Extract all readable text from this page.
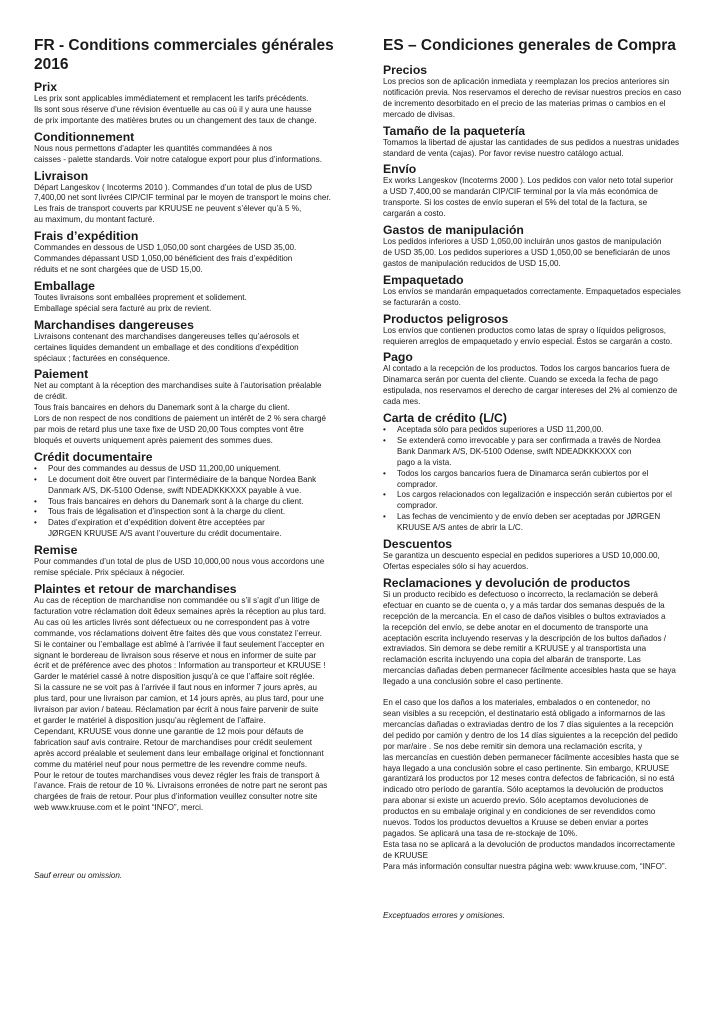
FR - Conditions commerciales générales
2016
Prix

Les prix sont applicables immédiatement et remplacent les tarifs précédents.
Ils sont sous réserve d’une révision éventuelle au cas où il y aura une hausse
de prix importante des matières brutes ou un changement des taux de change.

Conditionnement

Nous nous permettons d’adapter les quantités commandées à nos
caisses - palette standards. Voir notre catalogue export pour plus d’informations.

Livraison

Départ Langeskov ( Incoterms 2010 ). Commandes d’un total de plus de USD
7,400,00 net sont livrées CIP/CIF terminal par le moyen de transport le moins cher.
Les frais de transport couverts par KRUUSE ne peuvent s’élever qu’à 5 %,
au maximum, du montant facturé.

Frais d’expédition

Commandes en dessous de USD 1,050,00 sont chargées de USD 35,00.
Commandes dépassant USD 1,050,00 bénéficient des frais d’expédition
réduits et ne sont chargées que de USD 15,00.

Emballage

Toutes livraisons sont emballées proprement et solidement.
Emballage spécial sera facturé au prix de revient.

Marchandises dangereuses

Livraisons contenant des marchandises dangereuses telles qu’aérosols et
certaines liquides demandent un emballage et des conditions d’expédition
spéciaux ; facturées en conséquence.

Paiement

Net au comptant à la réception des marchandises suite à l’autorisation préalable
de crédit.
Tous frais bancaires en dehors du Danemark sont à la charge du client.
Lors de non respect de nos conditions de paiement un intérêt de 2 % sera chargé
par mois de retard plus une taxe fixe de USD 20,00 Tous comptes vont être
bloqués et ouverts uniquement après paiement des sommes dues.

Crédit documentaire
• Pour des commandes au dessus de USD 11,200,00 uniquement.
• Le document doit être ouvert par l’intermédiaire de la banque Nordea Bank
Danmark A/S, DK-5100 Odense, swift NDEADKKKXXX payable à vue.
• Tous frais bancaires en dehors du Danemark sont à la charge du client.
• Tous frais de légalisation et d’inspection sont à la charge du client.
• Dates d’expiration et d’expédition doivent être acceptées par
JØRGEN KRUUSE A/S avant l’ouverture du crédit documentaire.
Remise

Pour commandes d’un total de plus de USD 10,000,00 nous vous accordons une
remise spéciale. Prix spéciaux à négocier.

Plaintes et retour de marchandises

Au cas de réception de marchandise non commandée ou s’il s’agit d’un litige de
facturation votre réclamation doit êdeux semaines après la réception au plus tard.
Au cas où les articles livrés sont défectueux ou ne correspondent pas à votre
commande, vos réclamations doivent être faites dès que vous constatez l’erreur.
Si le container ou l’emballage est abîmé à l’arrivée il faut seulement l’accepter en
signant le bordereau de livraison sous réserve et nous en informer de suite par
écrit et de préférence avec des photos : Information au transporteur et KRUUSE !
Garder le matériel cassé à notre disposition jusqu’à ce que l’affaire soit réglée.
Si la cassure ne se voit pas à l’arrivée il faut nous en informer 7 jours après, au
plus tard, pour une livraison par camion, et 14 jours après, au plus tard, pour une
livraison par avion / bateau. Réclamation par écrit à nous faire parvenir de suite
et garder le matériel à disposition jusqu’au règlement de l’affaire.
Cependant, KRUUSE vous donne une garantie de 12 mois pour défauts de
fabrication sauf avis contraire. Retour de marchandises pour crédit seulement
après accord préalable et seulement dans leur emballage original et fonctionnant
comme du matériel neuf pour nous permettre de les revendre comme neufs.
Pour le retour de toutes marchandises vous devez régler les frais de transport à
l’avance. Frais de retour de 10 %. Livraisons erronées de notre part ne seront pas
chargées de frais de retour. Pour plus d’information veuillez consulter notre site
web www.kruuse.com et le point “INFO”, merci.

Sauf erreur ou omission.
ES – Condiciones generales de Compra
Precios

Los precios son de aplicación inmediata y reemplazan los precios anteriores sin
notificación previa. Nos reservamos el derecho de revisar nuestros precios en caso
de incremento desorbitado en el precio de las materias primas o cambios en el
mercado de divisas.

Tamaño de la paquetería

Tomamos la libertad de ajustar las cantidades de sus pedidos a nuestras unidades
standard de venta (cajas). Por favor revise nuestro catálogo actual.

Envío

Ex works Langeskov (Incoterms 2000 ). Los pedidos con valor neto total superior
a USD 7,400,00 se mandarán CIP/CIF terminal por la vía más económica de
transporte. Si los costes de envío superan el 5% del total de la factura, se
cargarán a costo.

Gastos de manipulación

Los pedidos inferiores a USD 1,050,00 incluirán unos gastos de manipulación
de USD 35,00. Los pedidos superiores a USD 1,050,00 se beneficiarán de unos
gastos de manipulación reducidos de USD 15,00.

Empaquetado

Los envíos se mandarán empaquetados correctamente. Empaquetados especiales
se facturarán a costo.

Productos peligrosos

Los envíos que contienen productos como latas de spray o líquidos peligrosos,
requieren arreglos de empaquetado y envío especial. Éstos se cargarán a costo.

Pago

Al contado a la recepción de los productos. Todos los cargos bancarios fuera de
Dinamarca serán por cuenta del cliente. Cuando se exceda la fecha de pago
estipulada, nos reservamos el derecho de cargar intereses del 2% al comienzo de
cada mes.

Carta de crédito (L/C)
• Aceptada sólo para pedidos superiores a USD 11,200,00.
• Se extenderá como irrevocable y para ser confirmada a través de Nordea
Bank Danmark A/S, DK-5100 Odense, swift NDEADKKKXXX con
pago a la vista.
• Todos los cargos bancarios fuera de Dinamarca serán cubiertos por el
comprador.
• Los cargos relacionados con legalización e inspección serán cubiertos por el
comprador.
• Las fechas de vencimiento y de envío deben ser aceptadas por JØRGEN
KRUUSE A/S antes de abrir la L/C.
Descuentos

Se garantiza un descuento especial en pedidos superiores a USD 10,000.00,
Ofertas especiales sólo si hay acuerdos.

Reclamaciones y devolución de productos

Si un producto recibido es defectuoso o incorrecto, la reclamación se deberá
efectuar en cuanto se de cuenta o, y a más tardar dos semanas después de la
recepción de la mercancía. En el caso de daños visibles o bultos extraviados a
la recepción del envío, se debe anotar en el documento de transporte una
aceptación escrita incluyendo reservas y la descripción de los bultos dañados /
extraviados. Sin demora se debe remitir a KRUUSE y al transportista una
reclamación escrita incluyendo una copia del albarán de transporte. Las
mercancías dañadas deben permanecer fácilmente accesibles hasta que se haya
llegado a una conclusión sobre el caso pertinente.

En el caso que los daños a los materiales, embalados o en contenedor, no
sean visibles a su recepción, el destinatario está obligado a informarnos de las
mercancías dañadas o extraviadas dentro de los 7 días siguientes a la recepción
del pedido por camión y dentro de los 14 días siguientes a la recepción del pedido
por mar/aire . Se nos debe remitir sin demora una reclamación escrita, y
las mercancías en cuestión deben permanecer fácilmente accesibles hasta que se
haya llegado a una conclusión sobre el caso pertinente. Sin embargo, KRUUSE
garantizará los productos por 12 meses contra defectos de fabricación, si no está
indicado otro período de garantía. Sólo aceptamos la devolución de productos
para abonar si existe un acuerdo previo. Sólo aceptamos devoluciones de
productos en su embalaje original y en condiciones de ser revendidos como
nuevos. Todos los productos devueltos a Kruuse se deben enviar a portes
pagados. Se aplicará una tasa de re-stockaje de 10%.
Esta tasa no se aplicará a la devolución de productos mandados incorrectamente
de KRUUSE
Para más información consultar nuestra página web: www.kruuse.com, “INFO”.

Exceptuados errores y omisiones.
